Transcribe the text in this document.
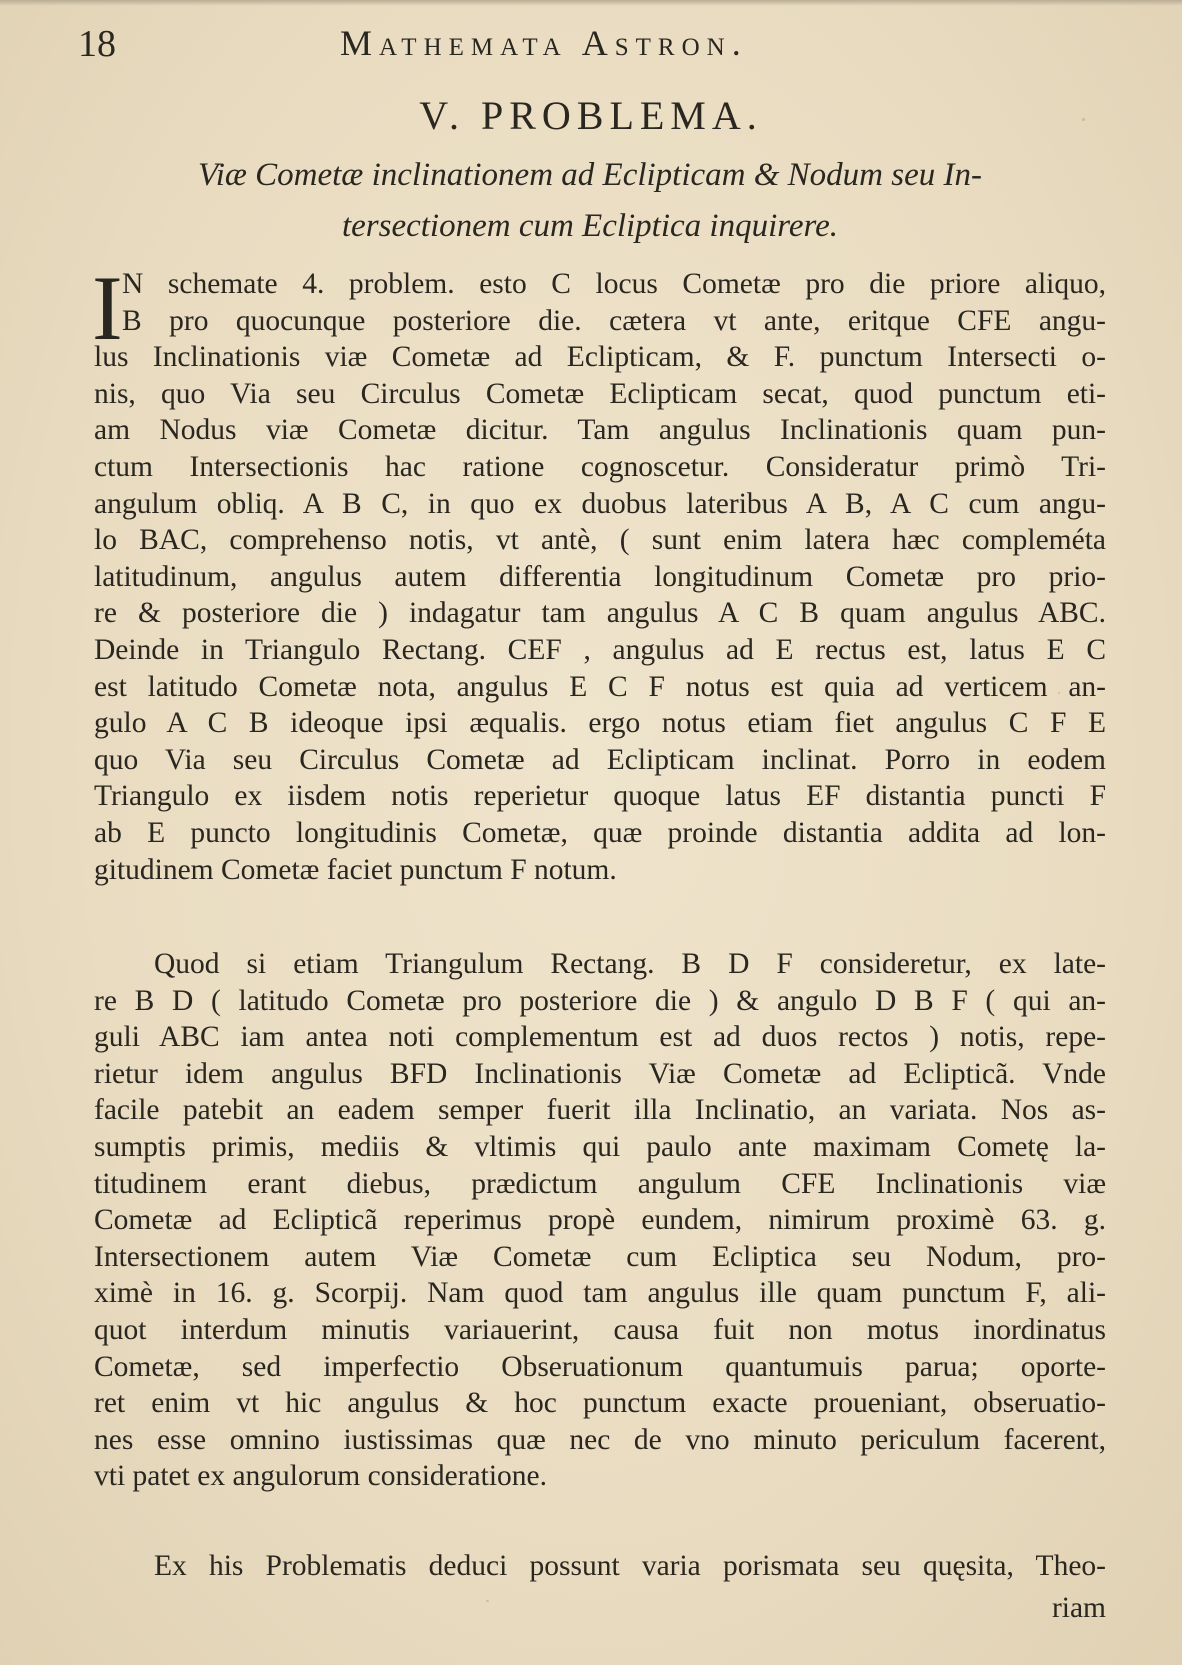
18	Mathemata Astron.
V. PROBLEMA.
Viæ Cometæ inclinationem ad Eclipticam & Nodum seu In-
tersectionem cum Ecliptica inquirere.
I N schemate 4. problem. esto C locus Cometæ pro die priore aliquo,
B pro quocunque posteriore die. cætera vt ante, eritque CFE angu-
lus Inclinationis viæ Cometæ ad Eclipticam, & F. punctum Intersecti o-
nis, quo Via seu Circulus Cometæ Eclipticam secat, quod punctum eti-
am Nodus viæ Cometæ dicitur. Tam angulus Inclinationis quam pun-
ctum Intersectionis hac ratione cognoscetur. Consideratur primò Tri-
angulum obliq. A B C, in quo ex duobus lateribus A B, A C cum angu-
lo BAC, comprehenso notis, vt antè, ( sunt enim latera hæc compleméta
latitudinum, angulus autem differentia longitudinum Cometæ pro prio-
re & posteriore die ) indagatur tam angulus A C B quam angulus ABC.
Deinde in Triangulo Rectang. CEF , angulus ad E rectus est, latus E C
est latitudo Cometæ nota, angulus E C F notus est quia ad verticem an-
gulo A C B ideoque ipsi æqualis. ergo notus etiam fiet angulus C F E
quo Via seu Circulus Cometæ ad Eclipticam inclinat. Porro in eodem
Triangulo ex iisdem notis reperietur quoque latus EF distantia puncti F
ab E puncto longitudinis Cometæ, quæ proinde distantia addita ad lon-
gitudinem Cometæ faciet punctum F notum.
Quod si etiam Triangulum Rectang. B D F consideretur, ex late-
re B D ( latitudo Cometæ pro posteriore die ) & angulo D B F ( qui an-
guli ABC iam antea noti complementum est ad duos rectos ) notis, repe-
rietur idem angulus BFD Inclinationis Viæ Cometæ ad Eclipticã. Vnde
facile patebit an eadem semper fuerit illa Inclinatio, an variata. Nos as-
sumptis primis, mediis & vltimis qui paulo ante maximam Cometę la-
titudinem erant diebus, prædictum angulum CFE Inclinationis viæ
Cometæ ad Eclipticã reperimus propè eundem, nimirum proximè 63. g.
Intersectionem autem Viæ Cometæ cum Ecliptica seu Nodum, pro-
ximè in 16. g. Scorpij. Nam quod tam angulus ille quam punctum F, ali-
quot interdum minutis variauerint, causa fuit non motus inordinatus
Cometæ, sed imperfectio Obseruationum quantumuis parua; oporte-
ret enim vt hic angulus & hoc punctum exacte proueniant, obseruatio-
nes esse omnino iustissimas quæ nec de vno minuto periculum facerent,
vti patet ex angulorum consideratione.
Ex his Problematis deduci possunt varia porismata seu quęsita, Theo-
riam
